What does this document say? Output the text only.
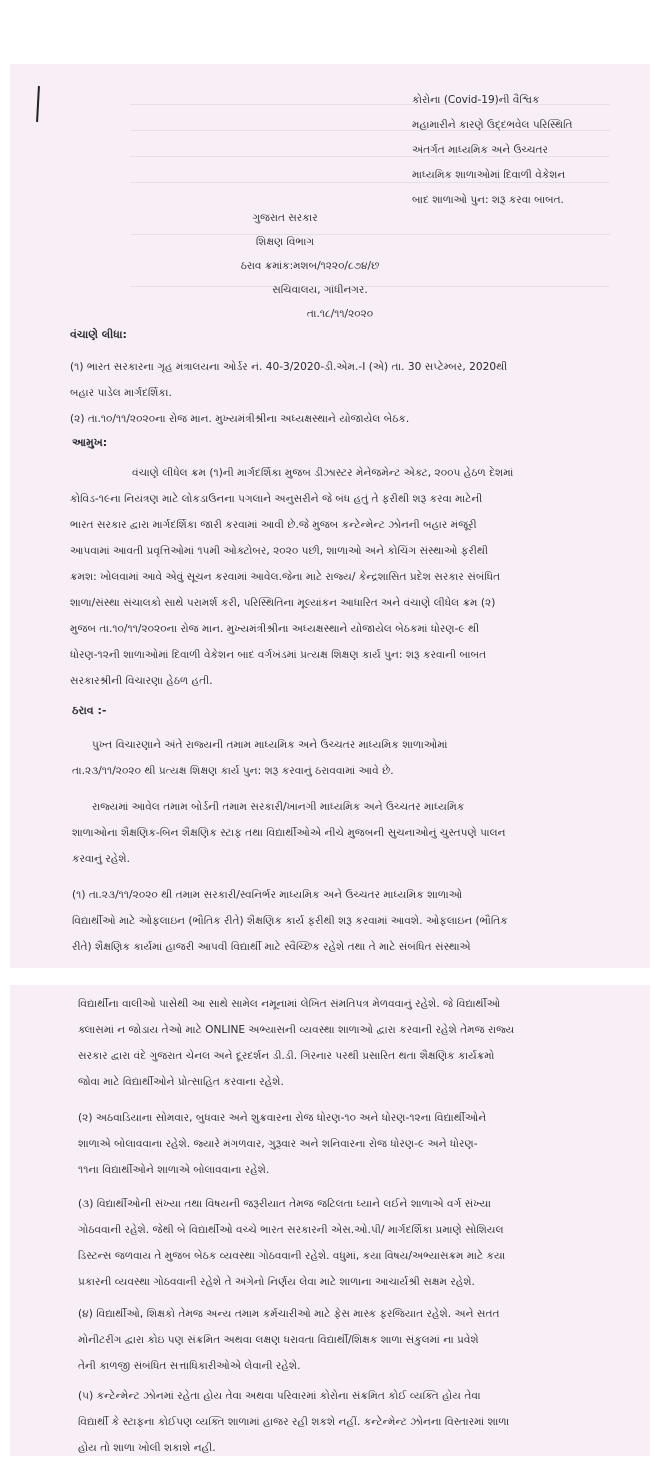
કોરોના (Covid-19)ની વૈશ્વિક
મહામારીને કારણે ઉદ્દભવેલ પરિસ્થિતિ
અંતર્ગત માધ્યમિક અને ઉચ્ચતર
માધ્યમિક શાળાઓમાં દિવાળી વેકેશન
બાદ શાળાઓ પુન: શરૂ કરવા બાબત.
ગુજરાત સરકાર
શિક્ષણ વિભાગ
ઠરાવ ક્રમાંક:મશબ/૧૨૨૦/૮૭૪/છ
સચિવાલય, ગાંધીનગર.
તા.૧૮/૧૧/૨૦૨૦
વંચાણે લીધા:
(૧) ભારત સરકારના ગૃહ મંત્રાલયના ઓર્ડર નં. 40-3/2020-ડી.એમ.-I (એ) તા. 30 સપ્ટેમ્બર, 2020થી
બહાર પાડેલ માર્ગદર્શિકા.
(૨) તા.૧૦/૧૧/૨૦૨૦ના રોજ માન. મુખ્યમંત્રીશ્રીના અધ્યક્ષસ્થાને યોજાયેલ બેઠક.
આમુખ:
વંચાણે લીધેલ ક્રમ (૧)ની માર્ગદર્શિકા મુજબ ડીઝાસ્ટર મેનેજમેન્ટ એક્ટ, ૨૦૦૫ હેઠળ દેશમાં
કોવિડ-૧૯ના નિયંત્રણ માટે લોકડાઉનના પગલાને અનુસરીને જે બંધ હતું તે ફરીથી શરૂ કરવા માટેની
ભારત સરકાર દ્વારા માર્ગદર્શિકા જારી કરવામાં આવી છે.જે મુજબ કન્ટેન્મેન્ટ ઝોનની બહાર મંજૂરી
આપવામાં આવતી પ્રવૃત્તિઓમાં ૧૫મી ઓક્ટોબર, ૨૦૨૦ પછી, શાળાઓ અને કોચિંગ સંસ્થાઓ ફરીથી
ક્રમશ: ખોલવામાં આવે એવું સૂચન કરવામાં આવેલ.જેના માટે રાજ્ય/ કેન્દ્રશાસિત પ્રદેશ સરકાર સંબંધિત
શાળા/સંસ્થા સંચાલકો સાથે પરામર્શ કરી, પરિસ્થિતિના મૂલ્યાંકન આધારિત અને વંચાણે લીધેલ ક્રમ (૨)
મુજબ તા.૧૦/૧૧/૨૦૨૦ના રોજ માન. મુખ્યમંત્રીશ્રીના અધ્યક્ષસ્થાને યોજાયેલ બેઠકમાં ધોરણ-૯ થી
ધોરણ-૧૨ની શાળાઓમાં દિવાળી વેકેશન બાદ વર્ગખંડમાં પ્રત્યક્ષ શિક્ષણ કાર્ય પુન: શરૂ કરવાની બાબત
સરકારશ્રીની વિચારણા હેઠળ હતી.
ઠરાવ :-
પુખ્ત વિચારણાને અંતે રાજ્યની તમામ માધ્યમિક અને ઉચ્ચતર માધ્યમિક શાળાઓમાં
તા.૨૩/૧૧/૨૦૨૦ થી પ્રત્યક્ષ શિક્ષણ કાર્ય પુન: શરૂ કરવાનું ઠરાવવામાં આવે છે.
રાજ્યમાં આવેલ તમામ બોર્ડની તમામ સરકારી/ખાનગી માધ્યમિક અને ઉચ્ચતર માધ્યમિક
શાળાઓના શૈક્ષણિક-બિન શૈક્ષણિક સ્ટાફ તથા વિદ્યાર્થીઓએ નીચે મુજબની સુચનાઓનું ચુસ્તપણે પાલન
કરવાનું રહેશે.
(૧) તા.૨૩/૧૧/૨૦૨૦ થી તમામ સરકારી/સ્વનિર્ભર માધ્યમિક અને ઉચ્ચતર માધ્યમિક શાળાઓ
વિદ્યાર્થીઓ માટે ઓફલાઇન (ભૌતિક રીતે) શૈક્ષણિક કાર્ય ફરીથી શરૂ કરવામાં આવશે. ઓફલાઇન (ભૌતિક
રીતે) શૈક્ષણિક કાર્યમાં હાજરી આપવી વિદ્યાર્થી માટે સ્વૈચ્છિક રહેશે તથા તે માટે સંબંધિત સંસ્થાએ
વિદ્યાર્થીના વાલીઓ પાસેથી આ સાથે સામેલ નમૂનામાં લેખિત સંમતિપત્ર મેળવવાનું રહેશે. જે વિદ્યાર્થીઓ
ક્લાસમાં ન જોડાય તેઓ માટે ONLINE અભ્યાસની વ્યવસ્થા શાળાઓ દ્વારા કરવાની રહેશે તેમજ રાજ્ય
સરકાર દ્વારા વંદે ગુજરાત ચેનલ અને દૂરદર્શન ડી.ડી. ગિરનાર પરથી પ્રસારિત થતા શૈક્ષણિક કાર્યક્રમો
જોવા માટે વિદ્યાર્થીઓને પ્રોત્સાહિત કરવાના રહેશે.
(૨) અઠવાડિયાના સોમવાર, બુધવાર અને શુક્રવારના રોજ ધોરણ-૧૦ અને ધોરણ-૧૨ના વિદ્યાર્થીઓને
શાળાએ બોલાવવાના રહેશે. જ્યારે મંગળવાર, ગુરૂવાર અને શનિવારના રોજ ધોરણ-૯ અને ધોરણ-
૧૧ના વિદ્યાર્થીઓને શાળાએ બોલાવવાના રહેશે.
(૩) વિદ્યાર્થીઓની સંખ્યા તથા વિષયની જરૂરીયાત તેમજ જટિલતા ધ્યાને લઈને શાળાએ વર્ગ સંખ્યા
ગોઠવવાની રહેશે. જેથી બે વિદ્યાર્થીઓ વચ્ચે ભારત સરકારની એસ.ઓ.પી/ માર્ગદર્શિકા પ્રમાણે સોશિયલ
ડિસ્ટન્સ જળવાય તે મુજબ બેઠક વ્યવસ્થા ગોઠવવાની રહેશે. વધુમાં, કયા વિષય/અભ્યાસક્રમ માટે કયા
પ્રકારની વ્યવસ્થા ગોઠવવાની રહેશે તે અંગેનો નિર્ણય લેવા માટે શાળાના આચાર્યશ્રી સક્ષમ રહેશે.
(૪) વિદ્યાર્થીઓ, શિક્ષકો તેમજ અન્ય તમામ કર્મચારીઓ માટે ફેસ માસ્ક ફરજિયાત રહેશે. અને સતત
મોનીટરીંગ દ્વારા કોઇ પણ સંક્રમિત અથવા લક્ષણ ધરાવતા વિદ્યાર્થી/શિક્ષક શાળા સંકુલમાં ના પ્રવેશે
તેની કાળજી સંબંધિત સત્તાધિકારીઓએ લેવાની રહેશે.
(૫) કન્ટેન્મેન્ટ ઝોનમાં રહેતા હોય તેવા અથવા પરિવારમાં કોરોના સંક્રમિત કોઈ વ્યક્તિ હોય તેવા
વિદ્યાર્થી કે સ્ટાફના કોઈપણ વ્યક્તિ શાળામાં હાજર રહી શકશે નહીં. કન્ટેન્મેન્ટ ઝોનના વિસ્તારમાં શાળા
હોય તો શાળા ખોલી શકાશે નહી.
